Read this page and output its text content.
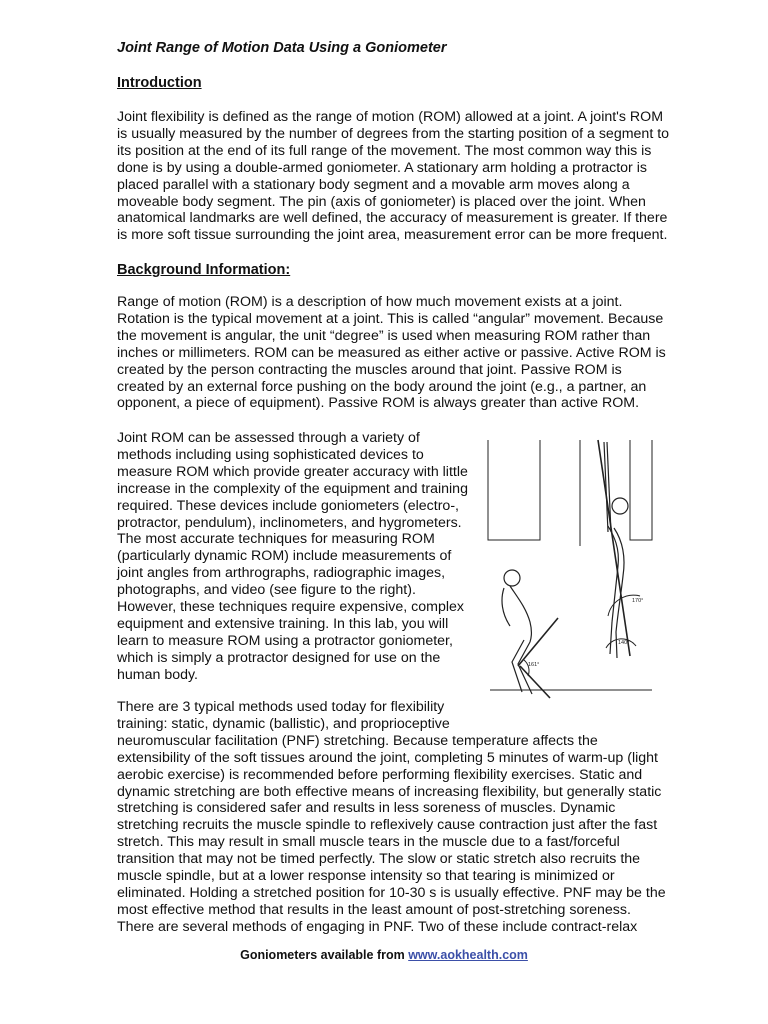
Joint Range of Motion Data Using a Goniometer
Introduction
Joint flexibility is defined as the range of motion (ROM) allowed at a joint. A joint's ROM
is usually measured by the number of degrees from the starting position of a segment to
its position at the end of its full range of the movement. The most common way this is
done is by using a double-armed goniometer. A stationary arm holding a protractor is
placed parallel with a stationary body segment and a movable arm moves along a
moveable body segment. The pin (axis of goniometer) is placed over the joint. When
anatomical landmarks are well defined, the accuracy of measurement is greater. If there
is more soft tissue surrounding the joint area, measurement error can be more frequent.
Background Information:
Range of motion (ROM) is a description of how much movement exists at a joint.
Rotation is the typical movement at a joint. This is called “angular” movement. Because
the movement is angular, the unit “degree” is used when measuring ROM rather than
inches or millimeters. ROM can be measured as either active or passive. Active ROM is
created by the person contracting the muscles around that joint. Passive ROM is
created by an external force pushing on the body around the joint (e.g., a partner, an
opponent, a piece of equipment). Passive ROM is always greater than active ROM.
Joint ROM can be assessed through a variety of
methods including using sophisticated devices to
measure ROM which provide greater accuracy with little
increase in the complexity of the equipment and training
required. These devices include goniometers (electro-,
protractor, pendulum), inclinometers, and hygrometers.
The most accurate techniques for measuring ROM
(particularly dynamic ROM) include measurements of
joint angles from arthrographs, radiographic images,
photographs, and video (see figure to the right).
However, these techniques require expensive, complex
equipment and extensive training. In this lab, you will
learn to measure ROM using a protractor goniometer,
which is simply a protractor designed for use on the
human body.
170°
140°
161°
There are 3 typical methods used today for flexibility
training: static, dynamic (ballistic), and proprioceptive
neuromuscular facilitation (PNF) stretching. Because temperature affects the
extensibility of the soft tissues around the joint, completing 5 minutes of warm-up (light
aerobic exercise) is recommended before performing flexibility exercises. Static and
dynamic stretching are both effective means of increasing flexibility, but generally static
stretching is considered safer and results in less soreness of muscles. Dynamic
stretching recruits the muscle spindle to reflexively cause contraction just after the fast
stretch. This may result in small muscle tears in the muscle due to a fast/forceful
transition that may not be timed perfectly. The slow or static stretch also recruits the
muscle spindle, but at a lower response intensity so that tearing is minimized or
eliminated. Holding a stretched position for 10-30 s is usually effective. PNF may be the
most effective method that results in the least amount of post-stretching soreness.
There are several methods of engaging in PNF. Two of these include contract-relax
Goniometers available from www.aokhealth.com
